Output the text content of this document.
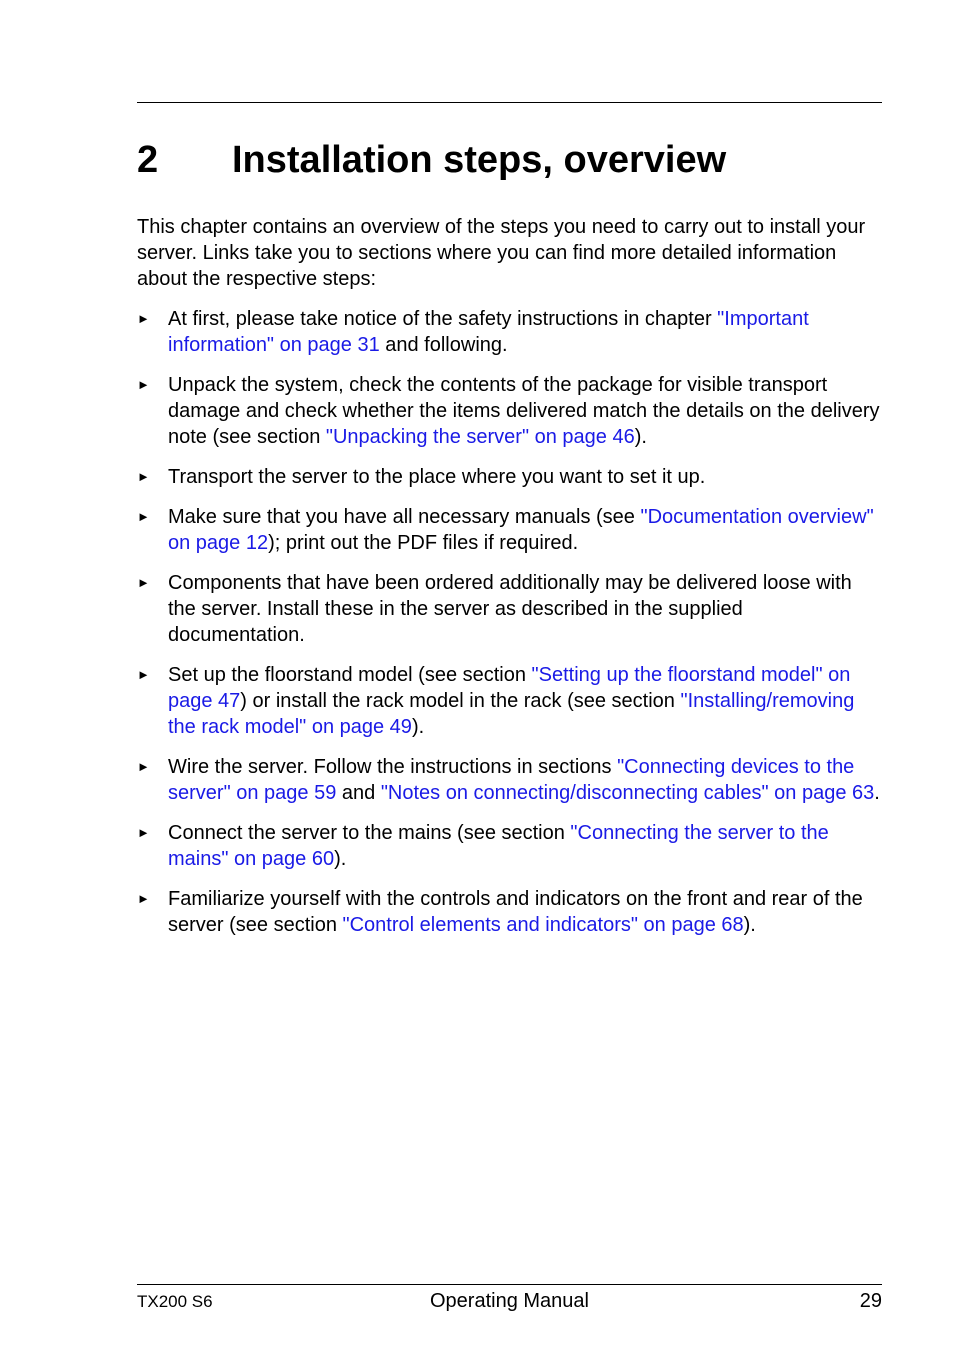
2 Installation steps, overview

This chapter contains an overview of the steps you need to carry out to install your server. Links take you to sections where you can find more detailed information about the respective steps:

► At first, please take notice of the safety instructions in chapter "Important information" on page 31 and following.
► Unpack the system, check the contents of the package for visible transport damage and check whether the items delivered match the details on the delivery note (see section "Unpacking the server" on page 46).
► Transport the server to the place where you want to set it up.
► Make sure that you have all necessary manuals (see "Documentation overview" on page 12); print out the PDF files if required.
► Components that have been ordered additionally may be delivered loose with the server. Install these in the server as described in the supplied documentation.
► Set up the floorstand model (see section "Setting up the floorstand model" on page 47) or install the rack model in the rack (see section "Installing/removing the rack model" on page 49).
► Wire the server. Follow the instructions in sections "Connecting devices to the server" on page 59 and "Notes on connecting/disconnecting cables" on page 63.
► Connect the server to the mains (see section "Connecting the server to the mains" on page 60).
► Familiarize yourself with the controls and indicators on the front and rear of the server (see section "Control elements and indicators" on page 68).
TX200 S6	Operating Manual	29
